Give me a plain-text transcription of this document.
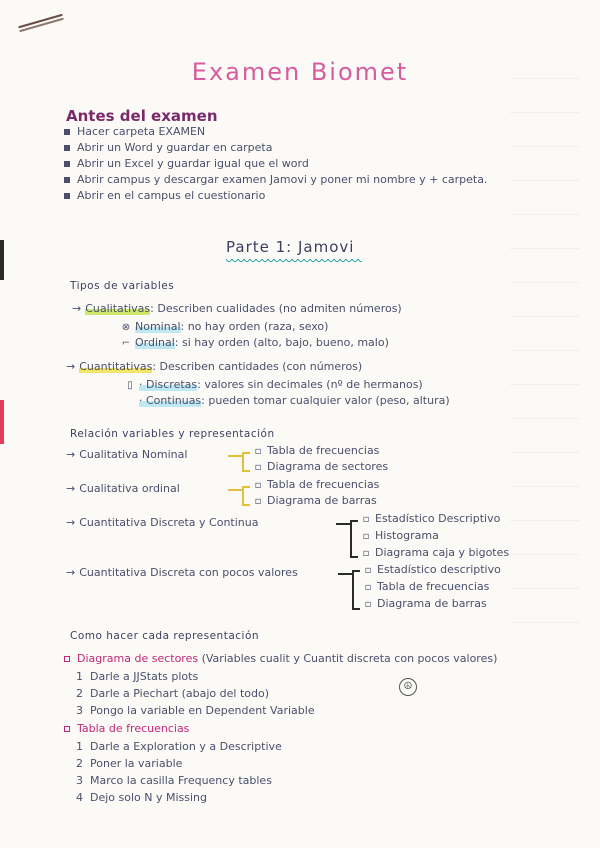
Examen Biomet
Antes del examen
Hacer carpeta EXAMEN
Abrir un Word y guardar en carpeta
Abrir un Excel y guardar igual que el word
Abrir campus y descargar examen Jamovi y poner mi nombre y + carpeta.
Abrir en el campus el cuestionario
Parte 1: Jamovi
Tipos de variables
→ Cualitativas: Describen cualidades (no admiten números)
⊗ Nominal: no hay orden (raza, sexo)
⌐ Ordinal: si hay orden (alto, bajo, bueno, malo)
→ Cuantitativas: Describen cantidades (con números)
▯ · Discretas: valores sin decimales (nº de hermanos)
· Continuas: pueden tomar cualquier valor (peso, altura)
Relación variables y representación
→ Cualitativa Nominal	▫ Tabla de frecuencias
▫ Diagrama de sectores
→ Cualitativa ordinal	▫ Tabla de frecuencias
▫ Diagrama de barras
→ Cuantitativa Discreta y Continua	▫ Estadístico Descriptivo
▫ Histograma
▫ Diagrama caja y bigotes
→ Cuantitativa Discreta con pocos valores	▫ Estadístico descriptivo
▫ Tabla de frecuencias
▫ Diagrama de barras
Como hacer cada representación
Diagrama de sectores (Variables cualit y Cuantit discreta con pocos valores)
1 Darle a JJStats plots
2 Darle a Piechart (abajo del todo)
3 Pongo la variable en Dependent Variable
☮
Tabla de frecuencias
1 Darle a Exploration y a Descriptive
2 Poner la variable
3 Marco la casilla Frequency tables
4 Dejo solo N y Missing
